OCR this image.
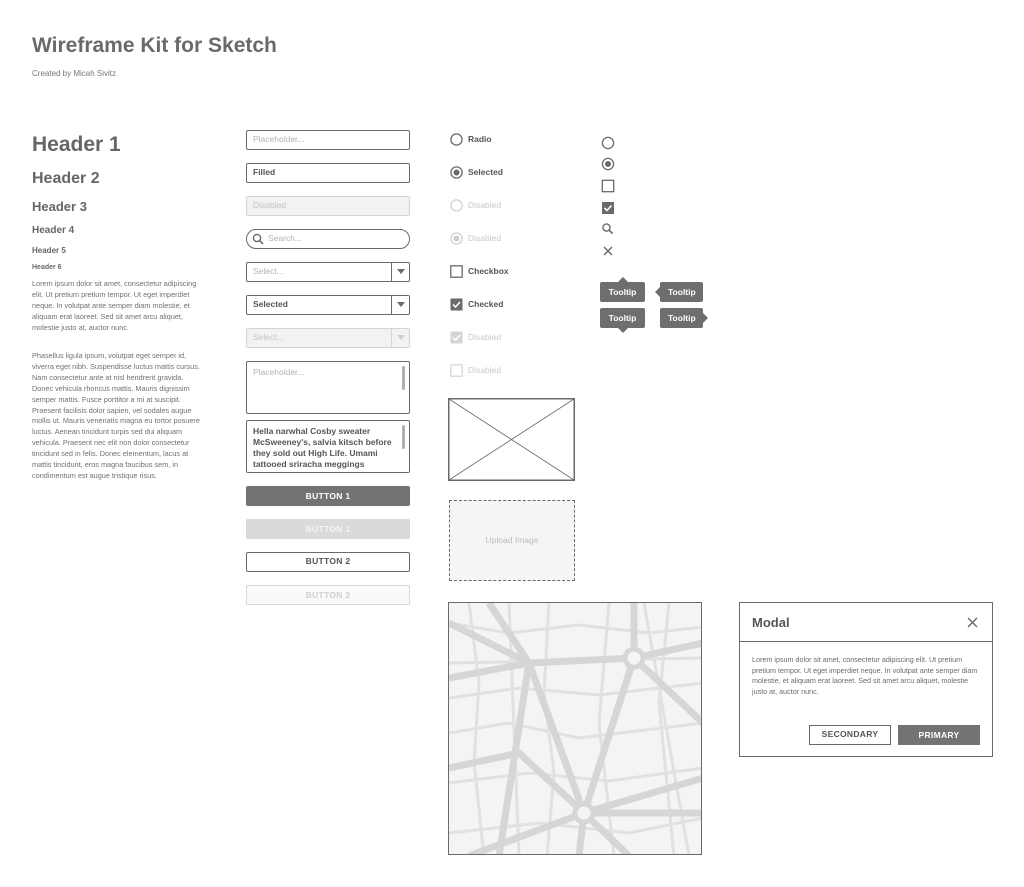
Wireframe Kit for Sketch
Created by Micah Sivitz
Header 1
Header 2
Header 3
Header 4
Header 5
Header 6

Lorem ipsum dolor sit amet, consectetur adipiscing elit. Ut pretium pretium tempor. Ut eget imperdiet neque. In volutpat ante semper diam molestie, et aliquam erat laoreet. Sed sit amet arcu aliquet, molestie justo at, auctor nunc.

Phasellus ligula ipsum, volutpat eget semper id, viverra eget nibh. Suspendisse luctus mattis cursus. Nam consectetur ante at nisl hendrerit gravida. Donec vehicula rhoncus mattis. Mauris dignissim semper mattis. Fusce porttitor a mi at suscipit. Praesent facilisis dolor sapien, vel sodales augue mollis ut. Mauris venenatis magna eu tortor posuere luctus. Aenean tincidunt turpis sed dui aliquam vehicula. Praesent nec elit non dolor consectetur tincidunt sed in felis. Donec elementum, lacus at mattis tincidunt, eros magna faucibus sem, in condimentum est augue tristique risus.

Placeholder...
Filled
Disabled
Search...
Select...
Selected
Select...
Placeholder...
Hella narwhal Cosby sweater McSweeney's, salvia kitsch before they sold out High Life. Umami tattooed sriracha meggings
BUTTON 1
BUTTON 1
BUTTON 2
BUTTON 2
Radio
Selected
Disabled
Disabled
Checkbox
Checked
Disabled
Disabled
Upload Image
Tooltip	Tooltip
Tooltip	Tooltip
Modal

Lorem ipsum dolor sit amet, consectetur adipiscing elit. Ut pretium pretium tempor. Ut eget imperdiet neque. In volutpat ante semper diam molestie, et aliquam erat laoreet. Sed sit amet arcu aliquet, molestie justo at, auctor nunc.

SECONDARY	PRIMARY
